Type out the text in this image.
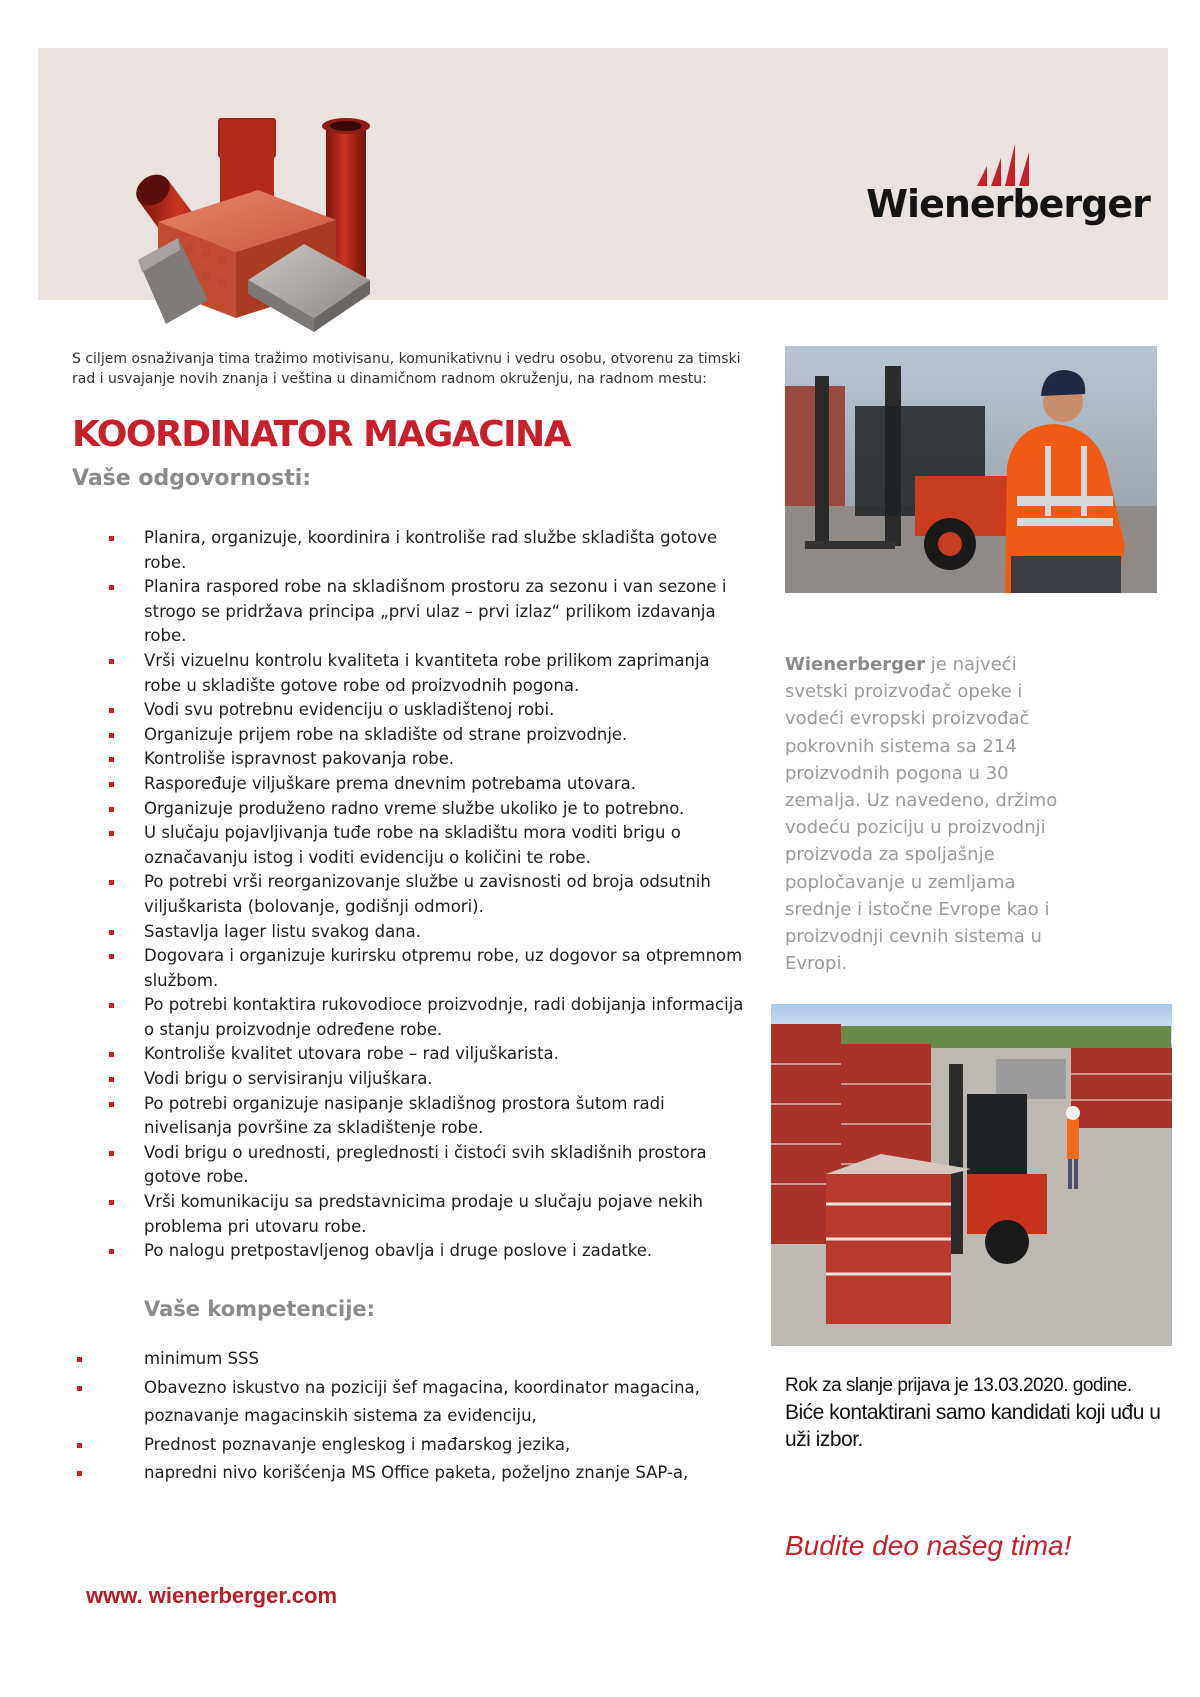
Wienerberger
S ciljem osnaživanja tima tražimo motivisanu, komunikativnu i vedru osobu, otvorenu za timski rad i usvajanje novih znanja i veština u dinamičnom radnom okruženju, na radnom mestu:
KOORDINATOR MAGACINA
Vaše odgovornosti:
Planira, organizuje, koordinira i kontroliše rad službe skladišta gotove robe.
Planira raspored robe na skladišnom prostoru za sezonu i van sezone i strogo se pridržava principa „prvi ulaz – prvi izlaz“ prilikom izdavanja robe.
Vrši vizuelnu kontrolu kvaliteta i kvantiteta robe prilikom zaprimanja robe u skladište gotove robe od proizvodnih pogona.
Vodi svu potrebnu evidenciju o uskladištenoj robi.
Organizuje prijem robe na skladište od strane proizvodnje.
Kontroliše ispravnost pakovanja robe.
Raspoređuje viljuškare prema dnevnim potrebama utovara.
Organizuje produženo radno vreme službe ukoliko je to potrebno.
U slučaju pojavljivanja tuđe robe na skladištu mora voditi brigu o označavanju istog i voditi evidenciju o količini te robe.
Po potrebi vrši reorganizovanje službe u zavisnosti od broja odsutnih viljuškarista (bolovanje, godišnji odmori).
Sastavlja lager listu svakog dana.
Dogovara i organizuje kurirsku otpremu robe, uz dogovor sa otpremnom službom.
Po potrebi kontaktira rukovodioce proizvodnje, radi dobijanja informacija o stanju proizvodnje određene robe.
Kontroliše kvalitet utovara robe – rad viljuškarista.
Vodi brigu o servisiranju viljuškara.
Po potrebi organizuje nasipanje skladišnog prostora šutom radi nivelisanja površine za skladištenje robe.
Vodi brigu o urednosti, preglednosti i čistoći svih skladišnih prostora gotove robe.
Vrši komunikaciju sa predstavnicima prodaje u slučaju pojave nekih problema pri utovaru robe.
Po nalogu pretpostavljenog obavlja i druge poslove i zadatke.
Vaše kompetencije:
minimum SSS
Obavezno iskustvo na poziciji šef magacina, koordinator magacina, poznavanje magacinskih sistema za evidenciju,
Prednost poznavanje engleskog i mađarskog jezika,
napredni nivo korišćenja MS Office paketa, poželjno znanje SAP-a,
Wienerberger je najveći svetski proizvođač opeke i vodeći evropski proizvođač pokrovnih sistema sa 214 proizvodnih pogona u 30 zemalja. Uz navedeno, držimo vodeću poziciju u proizvodnji proizvoda za spoljašnje popločavanje u zemljama srednje i istočne Evrope kao i proizvodnji cevnih sistema u Evropi.
Rok za slanje prijava je 13.03.2020. godine.
Biće kontaktirani samo kandidati koji uđu u uži izbor.
Budite deo našeg tima!
www. wienerberger.com
